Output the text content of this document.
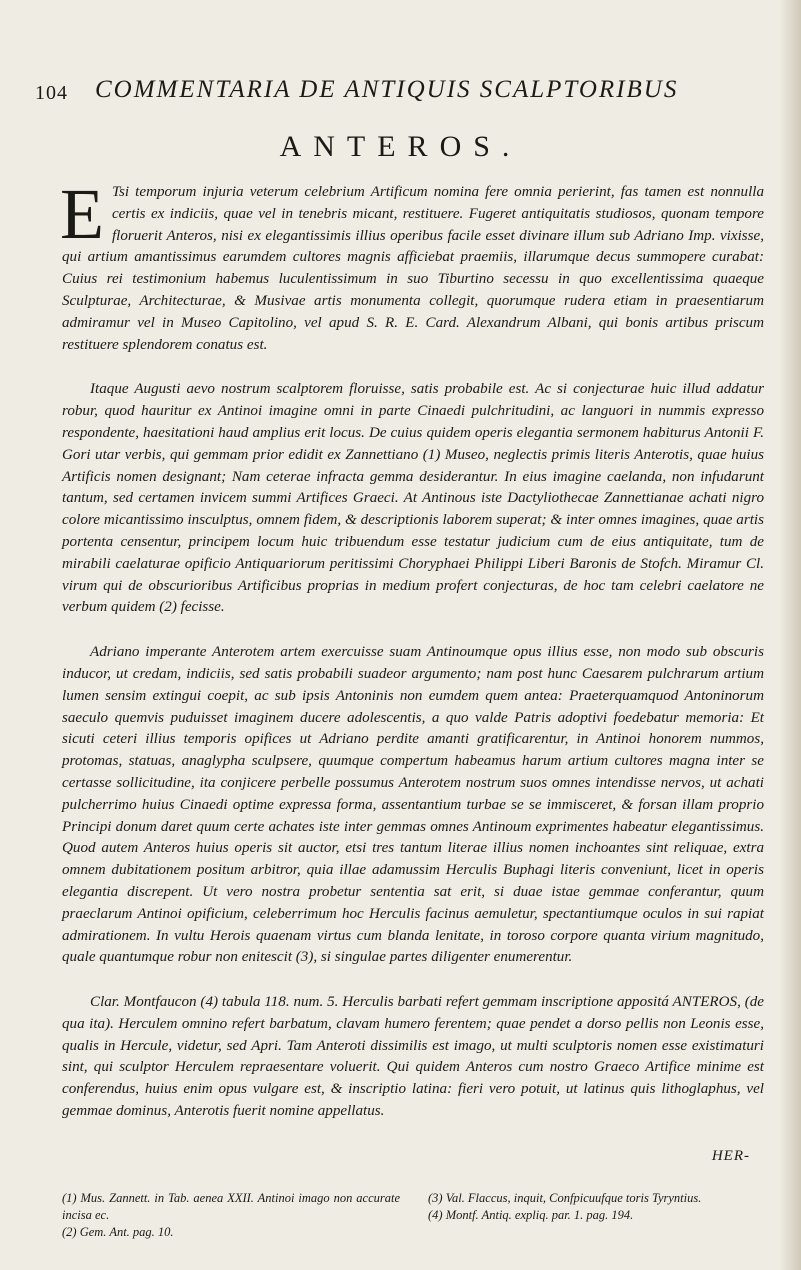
104 COMMENTARIA DE ANTIQUIS SCALPTORIBUS
ANTEROS.

E Tsi temporum injuria veterum celebrium Artificum nomina fere omnia perierint, fas tamen est nonnulla certis ex indiciis, quae vel in tenebris micant, restituere. Fugeret antiquitatis studiosos, quonam tempore floruerit Anteros, nisi ex elegantissimis illius operibus facile esset divinare illum sub Adriano Imp. vixisse, qui artium amantissimus earumdem cultores magnis afficiebat praemiis, illarumque decus summopere curabat: Cuius rei testimonium habemus luculentissimum in suo Tiburtino secessu in quo excellentissima quaeque Sculpturae, Architecturae, & Musivae artis monumenta collegit, quorumque rudera etiam in praesentiarum admiramur vel in Museo Capitolino, vel apud S. R. E. Card. Alexandrum Albani, qui bonis artibus priscum restituere splendorem conatus est.

Itaque Augusti aevo nostrum scalptorem floruisse, satis probabile est. Ac si conjecturae huic illud addatur robur, quod hauritur ex Antinoi imagine omni in parte Cinaedi pulchritudini, ac languori in nummis expresso respondente, haesitationi haud amplius erit locus. De cuius quidem operis elegantia sermonem habiturus Antonii F. Gori utar verbis, qui gemmam prior edidit ex Zannettiano (1) Museo, neglectis primis literis Anterotis, quae huius Artificis nomen designant; Nam ceterae infracta gemma desiderantur. In eius imagine caelanda, non infudarunt tantum, sed certamen invicem summi Artifices Graeci. At Antinous iste Dactyliothecae Zannettianae achati nigro colore micantissimo insculptus, omnem fidem, & descriptionis laborem superat; & inter omnes imagines, quae artis portenta censentur, principem locum huic tribuendum esse testatur judicium cum de eius antiquitate, tum de mirabili caelaturae opificio Antiquariorum peritissimi Choryphaei Philippi Liberi Baronis de Stofch. Miramur Cl. virum qui de obscurioribus Artificibus proprias in medium profert conjecturas, de hoc tam celebri caelatore ne verbum quidem (2) fecisse.

Adriano imperante Anterotem artem exercuisse suam Antinoumque opus illius esse, non modo sub obscuris inducor, ut credam, indiciis, sed satis probabili suadeor argumento; nam post hunc Caesarem pulchrarum artium lumen sensim extingui coepit, ac sub ipsis Antoninis non eumdem quem antea: Praeterquamquod Antoninorum saeculo quemvis puduisset imaginem ducere adolescentis, a quo valde Patris adoptivi foedebatur memoria: Et sicuti ceteri illius temporis opifices ut Adriano perdite amanti gratificarentur, in Antinoi honorem nummos, protomas, statuas, anaglypha sculpsere, quumque compertum habeamus harum artium cultores magna inter se certasse sollicitudine, ita conjicere perbelle possumus Anterotem nostrum suos omnes intendisse nervos, ut achati pulcherrimo huius Cinaedi optime expressa forma, assentantium turbae se se immisceret, & forsan illam proprio Principi donum daret quum certe achates iste inter gemmas omnes Antinoum exprimentes habeatur elegantissimus. Quod autem Anteros huius operis sit auctor, etsi tres tantum literae illius nomen inchoantes sint reliquae, extra omnem dubitationem positum arbitror, quia illae adamussim Herculis Buphagi literis conveniunt, licet in operis elegantia discrepent. Ut vero nostra probetur sententia sat erit, si duae istae gemmae conferantur, quum praeclarum Antinoi opificium, celeberrimum hoc Herculis facinus aemuletur, spectantiumque oculos in sui rapiat admirationem. In vultu Herois quaenam virtus cum blanda lenitate, in toroso corpore quanta virium magnitudo, quale quantumque robur non enitescit (3), si singulae partes diligenter enumerentur.

Clar. Montfaucon (4) tabula 118. num. 5. Herculis barbati refert gemmam inscriptione appositá ANTEROS, (de qua ita). Herculem omnino refert barbatum, clavam humero ferentem; quae pendet a dorso pellis non Leonis esse, qualis in Hercule, videtur, sed Apri. Tam Anteroti dissimilis est imago, ut multi sculptoris nomen esse existimaturi sint, qui sculptor Herculem repraesentare voluerit. Qui quidem Anteros cum nostro Graeco Artifice minime est conferendus, huius enim opus vulgare est, & inscriptio latina: fieri vero potuit, ut latinus quis lithoglaphus, vel gemmae dominus, Anterotis fuerit nomine appellatus.

HER-
(1) Mus. Zannett. in Tab. aenea XXII. Antinoi imago non accurate incisa ec.
(2) Gem. Ant. pag. 10.
(3) Val. Flaccus, inquit, Confpicuufque toris Tyryntius.
(4) Montf. Antiq. expliq. par. 1. pag. 194.
